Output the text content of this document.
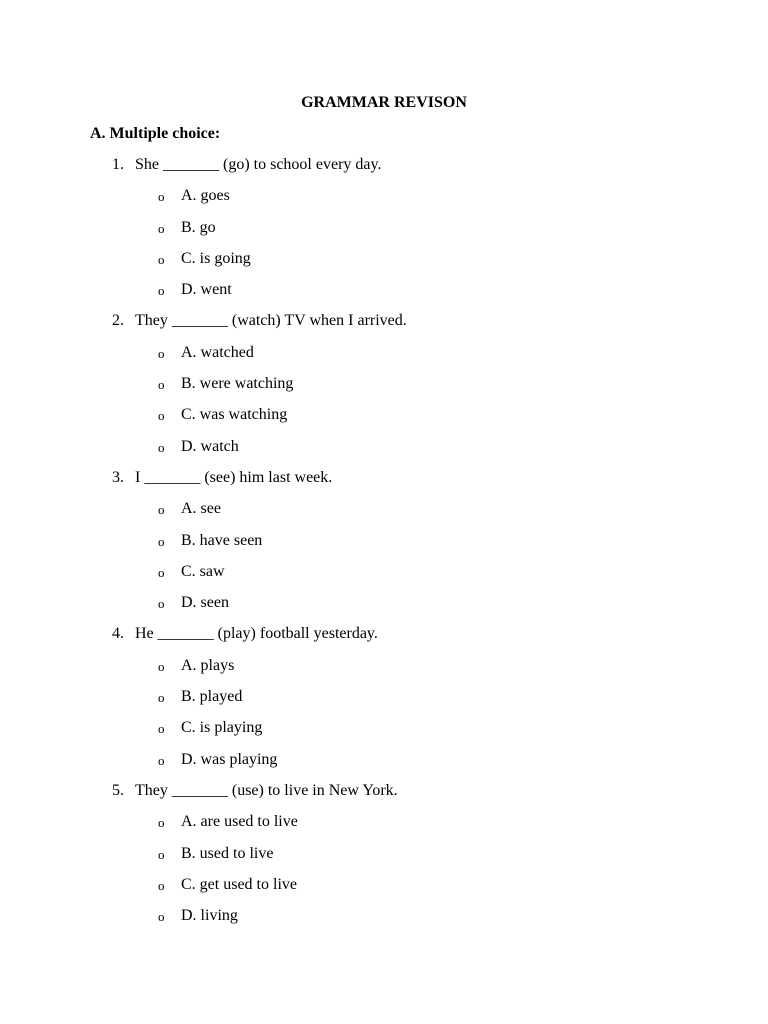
GRAMMAR REVISON
A. Multiple choice:
1. She _______ (go) to school every day.
o A. goes
o B. go
o C. is going
o D. went
2. They _______ (watch) TV when I arrived.
o A. watched
o B. were watching
o C. was watching
o D. watch
3. I _______ (see) him last week.
o A. see
o B. have seen
o C. saw
o D. seen
4. He _______ (play) football yesterday.
o A. plays
o B. played
o C. is playing
o D. was playing
5. They _______ (use) to live in New York.
o A. are used to live
o B. used to live
o C. get used to live
o D. living
